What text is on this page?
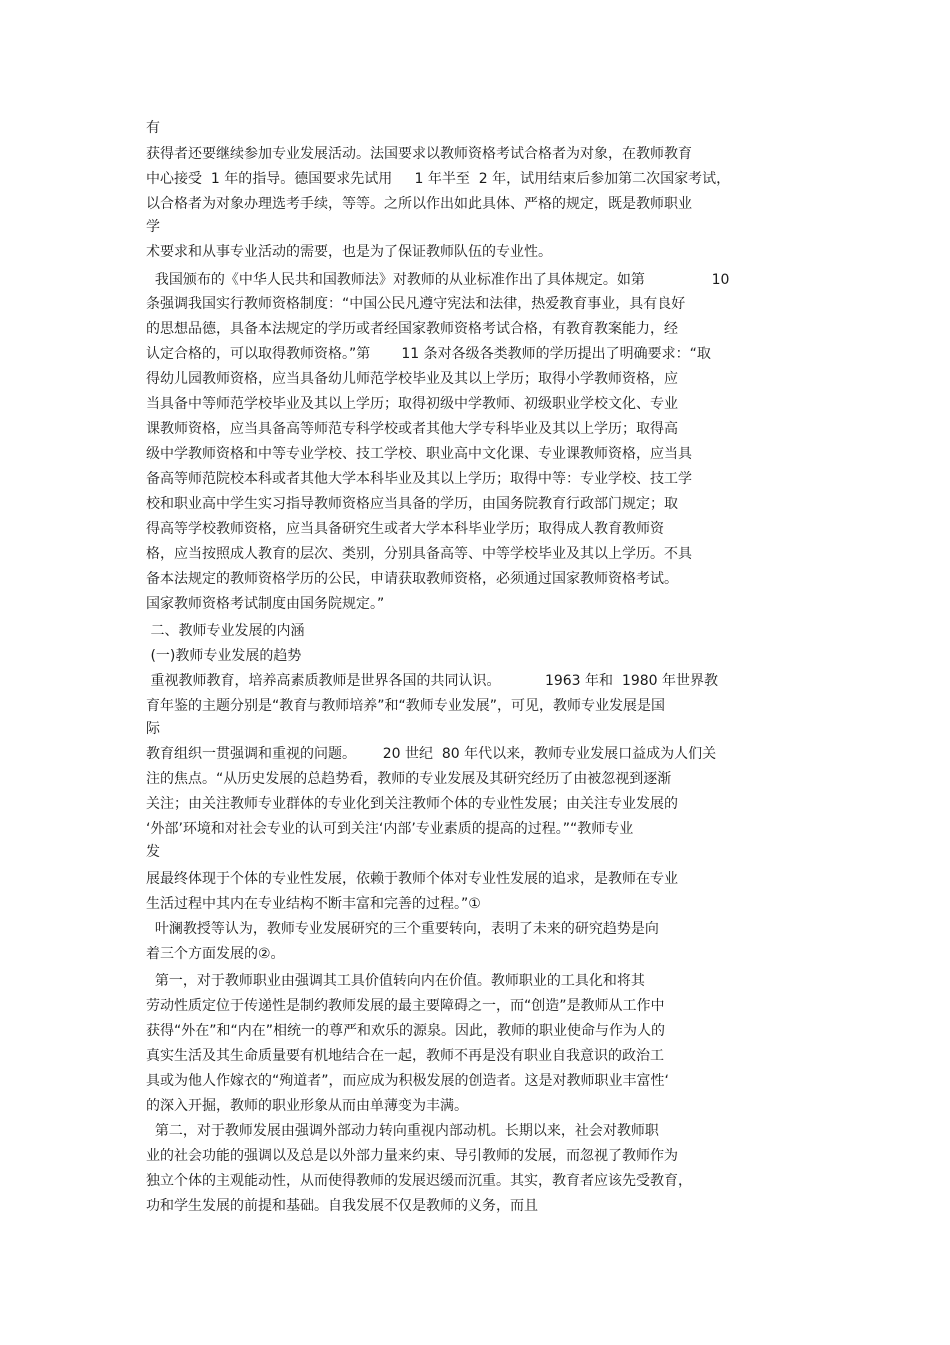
有
获得者还要继续参加专业发展活动。法国要求以教师资格考试合格者为对象，在教师教育
中心接受  1 年的指导。德国要求先试用     1 年半至  2 年，试用结束后参加第二次国家考试，
以合格者为对象办理选考手续，等等。之所以作出如此具体、严格的规定，既是教师职业
学
术要求和从事专业活动的需要，也是为了保证教师队伍的专业性。
我国颁布的《中华人民共和国教师法》对教师的从业标准作出了具体规定。如第               10
条强调我国实行教师资格制度：“中国公民凡遵守宪法和法律，热爱教育事业，具有良好
的思想品德，具备本法规定的学历或者经国家教师资格考试合格，有教育教案能力，经
认定合格的，可以取得教师资格。”第       11 条对各级各类教师的学历提出了明确要求：“取
得幼儿园教师资格，应当具备幼儿师范学校毕业及其以上学历；取得小学教师资格，应
当具备中等师范学校毕业及其以上学历；取得初级中学教师、初级职业学校文化、专业
课教师资格，应当具备高等师范专科学校或者其他大学专科毕业及其以上学历；取得高
级中学教师资格和中等专业学校、技工学校、职业高中文化课、专业课教师资格，应当具
备高等师范院校本科或者其他大学本科毕业及其以上学历；取得中等：专业学校、技工学
校和职业高中学生实习指导教师资格应当具备的学历，由国务院教育行政部门规定；取
得高等学校教师资格，应当具备研究生或者大学本科毕业学历；取得成人教育教师资
格，应当按照成人教育的层次、类别，分别具备高等、中等学校毕业及其以上学历。不具
备本法规定的教师资格学历的公民，申请获取教师资格，必须通过国家教师资格考试。
国家教师资格考试制度由国务院规定。”
二、教师专业发展的内涵
(一)教师专业发展的趋势
重视教师教育，培养高素质教师是世界各国的共同认识。          1963 年和  1980 年世界教
育年鉴的主题分别是“教育与教师培养”和“教师专业发展”，可见，教师专业发展是国
际
教育组织一贯强调和重视的问题。      20 世纪  80 年代以来，教师专业发展口益成为人们关
注的焦点。“从历史发展的总趋势看，教师的专业发展及其研究经历了由被忽视到逐渐
关注；由关注教师专业群体的专业化到关注教师个体的专业性发展；由关注专业发展的
‘外部’环境和对社会专业的认可到关注‘内部’专业素质的提高的过程。”“教师专业
发
展最终体现于个体的专业性发展，依赖于教师个体对专业性发展的追求，是教师在专业
生活过程中其内在专业结构不断丰富和完善的过程。”①
叶澜教授等认为，教师专业发展研究的三个重要转向，表明了未来的研究趋势是向
着三个方面发展的②。
第一，对于教师职业由强调其工具价值转向内在价值。教师职业的工具化和将其
劳动性质定位于传递性是制约教师发展的最主要障碍之一，而“创造”是教师从工作中
获得“外在”和“内在”相统一的尊严和欢乐的源泉。因此，教师的职业使命与作为人的
真实生活及其生命质量要有机地结合在一起，教师不再是没有职业自我意识的政治工
具或为他人作嫁衣的“殉道者”，而应成为积极发展的创造者。这是对教师职业丰富性‘
的深入开掘，教师的职业形象从而由单薄变为丰满。
第二，对于教师发展由强调外部动力转向重视内部动机。长期以来，社会对教师职
业的社会功能的强调以及总是以外部力量来约束、导引教师的发展，而忽视了教师作为
独立个体的主观能动性，从而使得教师的发展迟缓而沉重。其实，教育者应该先受教育，
功和学生发展的前提和基础。自我发展不仅是教师的义务，而且
